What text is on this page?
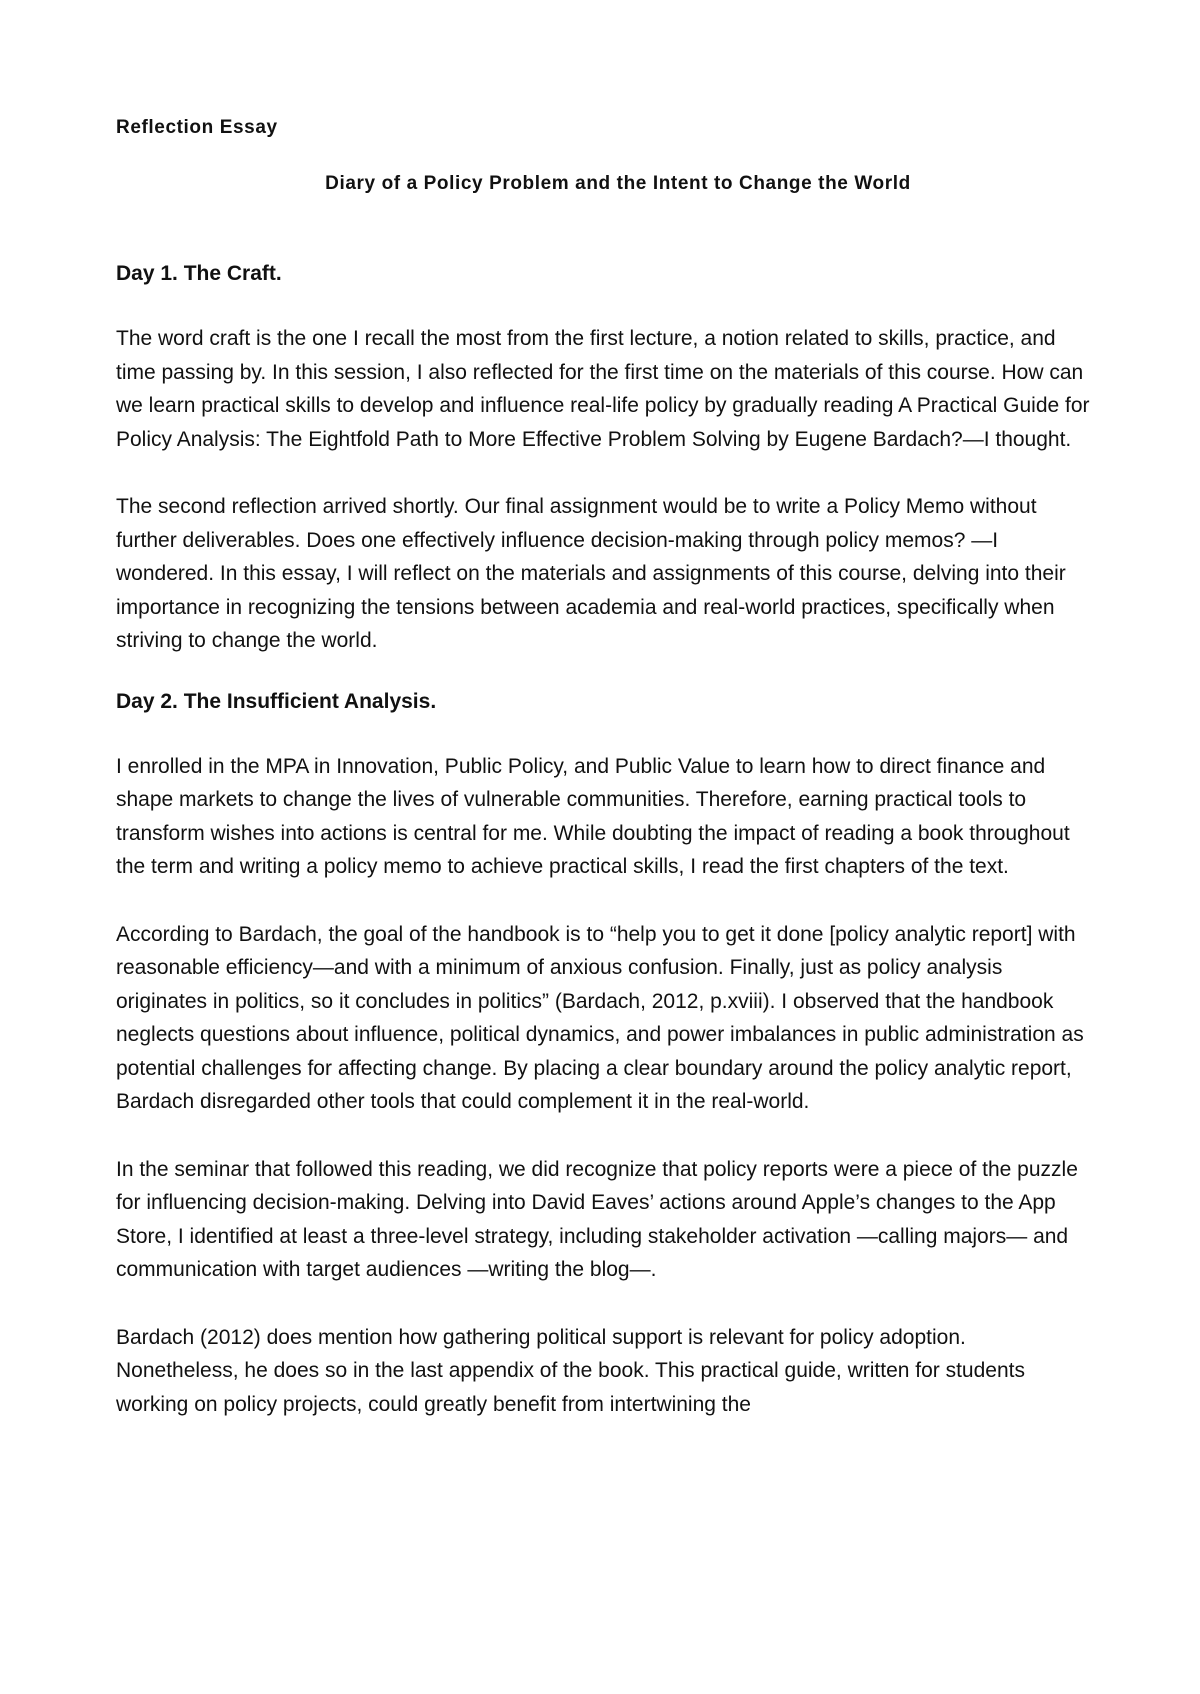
Reflection Essay

Diary of a Policy Problem and the Intent to Change the World

Day 1. The Craft.

The word craft is the one I recall the most from the first lecture, a notion related to skills, practice, and time passing by. In this session, I also reflected for the first time on the materials of this course. How can we learn practical skills to develop and influence real-life policy by gradually reading A Practical Guide for Policy Analysis: The Eightfold Path to More Effective Problem Solving by Eugene Bardach?—I thought.

The second reflection arrived shortly. Our final assignment would be to write a Policy Memo without further deliverables. Does one effectively influence decision-making through policy memos? —I wondered. In this essay, I will reflect on the materials and assignments of this course, delving into their importance in recognizing the tensions between academia and real-world practices, specifically when striving to change the world.

Day 2. The Insufficient Analysis.

I enrolled in the MPA in Innovation, Public Policy, and Public Value to learn how to direct finance and shape markets to change the lives of vulnerable communities. Therefore, earning practical tools to transform wishes into actions is central for me. While doubting the impact of reading a book throughout the term and writing a policy memo to achieve practical skills, I read the first chapters of the text.

According to Bardach, the goal of the handbook is to “help you to get it done [policy analytic report] with reasonable efficiency—and with a minimum of anxious confusion. Finally, just as policy analysis originates in politics, so it concludes in politics” (Bardach, 2012, p.xviii). I observed that the handbook neglects questions about influence, political dynamics, and power imbalances in public administration as potential challenges for affecting change. By placing a clear boundary around the policy analytic report, Bardach disregarded other tools that could complement it in the real-world.

In the seminar that followed this reading, we did recognize that policy reports were a piece of the puzzle for influencing decision-making. Delving into David Eaves’ actions around Apple’s changes to the App Store, I identified at least a three-level strategy, including stakeholder activation —calling majors— and communication with target audiences —writing the blog—.

Bardach (2012) does mention how gathering political support is relevant for policy adoption. Nonetheless, he does so in the last appendix of the book. This practical guide, written for students working on policy projects, could greatly benefit from intertwining the
